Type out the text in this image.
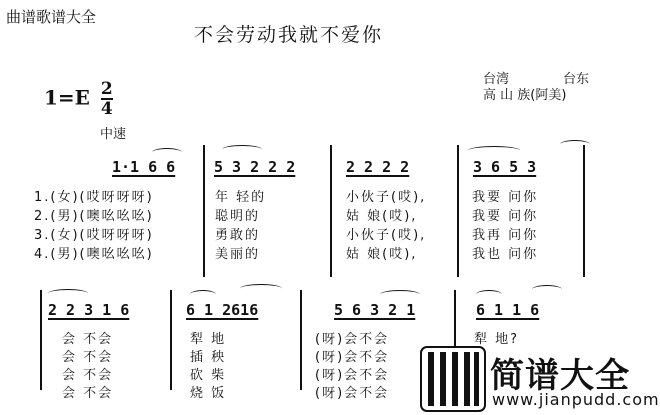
曲谱歌谱大全
不会劳动我就不爱你
$1=E \frac{2}{4}$
台湾	台东
高 山 族(阿美)
中速
1·1 6 6	5 3 2 2 2	2 2 2 2	3 6 5 3
1.(女)(哎呀呀呀)	年 轻的	小伙子(哎),	我要 问你
2.(男)(噢吆吆吆)	聪明的	姑 娘(哎),	我要 问你
3.(女)(哎呀呀呀)	勇敢的	小伙子(哎),	我再 问你
4.(男)(噢吆吆吆)	美丽的	姑 娘(哎),	我也 问你
2 2 3 1 6	6 1 2616	5 6 3 2 1	6 1 1 6
会 不会	犁 地	(呀)会不会	犁 地?
会 不会	插 秧	(呀)会不会
会 不会	砍 柴	(呀)会不会
会 不会	烧 饭	(呀)会不会	简谱大全
www.jianpudd.com
